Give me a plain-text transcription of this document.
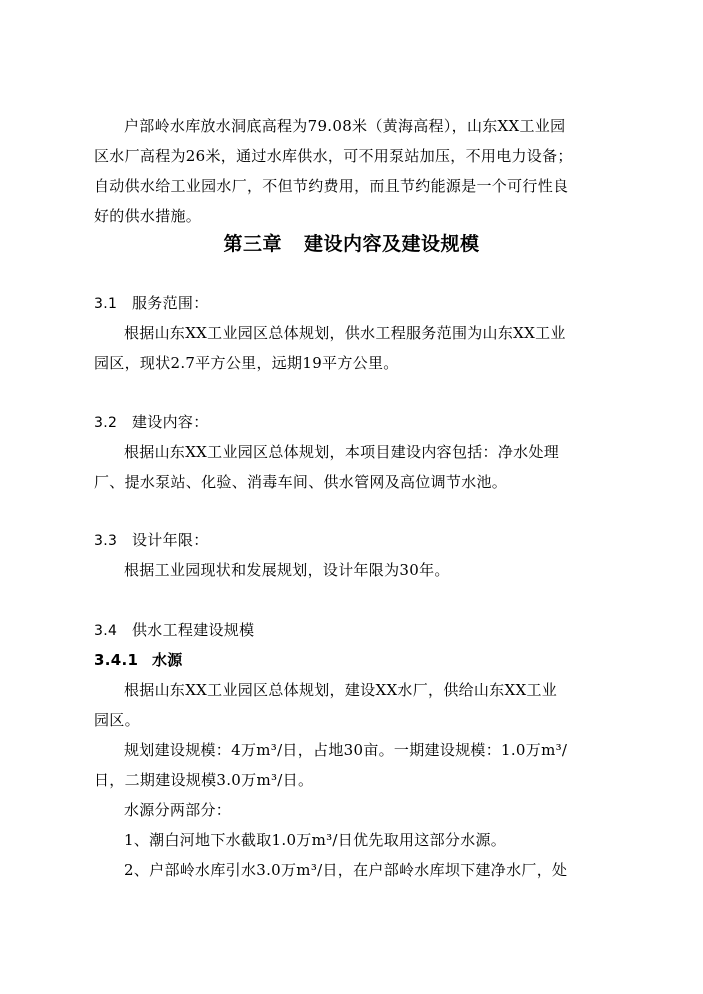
户部岭水库放水洞底高程为79.08米（黄海高程），山东XX工业园
区水厂高程为26米，通过水库供水，可不用泵站加压，不用电力设备；
自动供水给工业园水厂，不但节约费用，而且节约能源是一个可行性良
好的供水措施。
第三章 建设内容及建设规模
3.1 服务范围：
根据山东XX工业园区总体规划，供水工程服务范围为山东XX工业
园区，现状2.7平方公里，远期19平方公里。
3.2 建设内容：
根据山东XX工业园区总体规划，本项目建设内容包括：净水处理
厂、提水泵站、化验、消毒车间、供水管网及高位调节水池。
3.3 设计年限：
根据工业园现状和发展规划，设计年限为30年。
3.4 供水工程建设规模
3.4.1 水源
根据山东XX工业园区总体规划，建设XX水厂，供给山东XX工业
园区。
规划建设规模：4万m³/日，占地30亩。一期建设规模：1.0万m³/
日，二期建设规模3.0万m³/日。
水源分两部分：
1、潮白河地下水截取1.0万m³/日优先取用这部分水源。
2、户部岭水库引水3.0万m³/日，在户部岭水库坝下建净水厂，处
